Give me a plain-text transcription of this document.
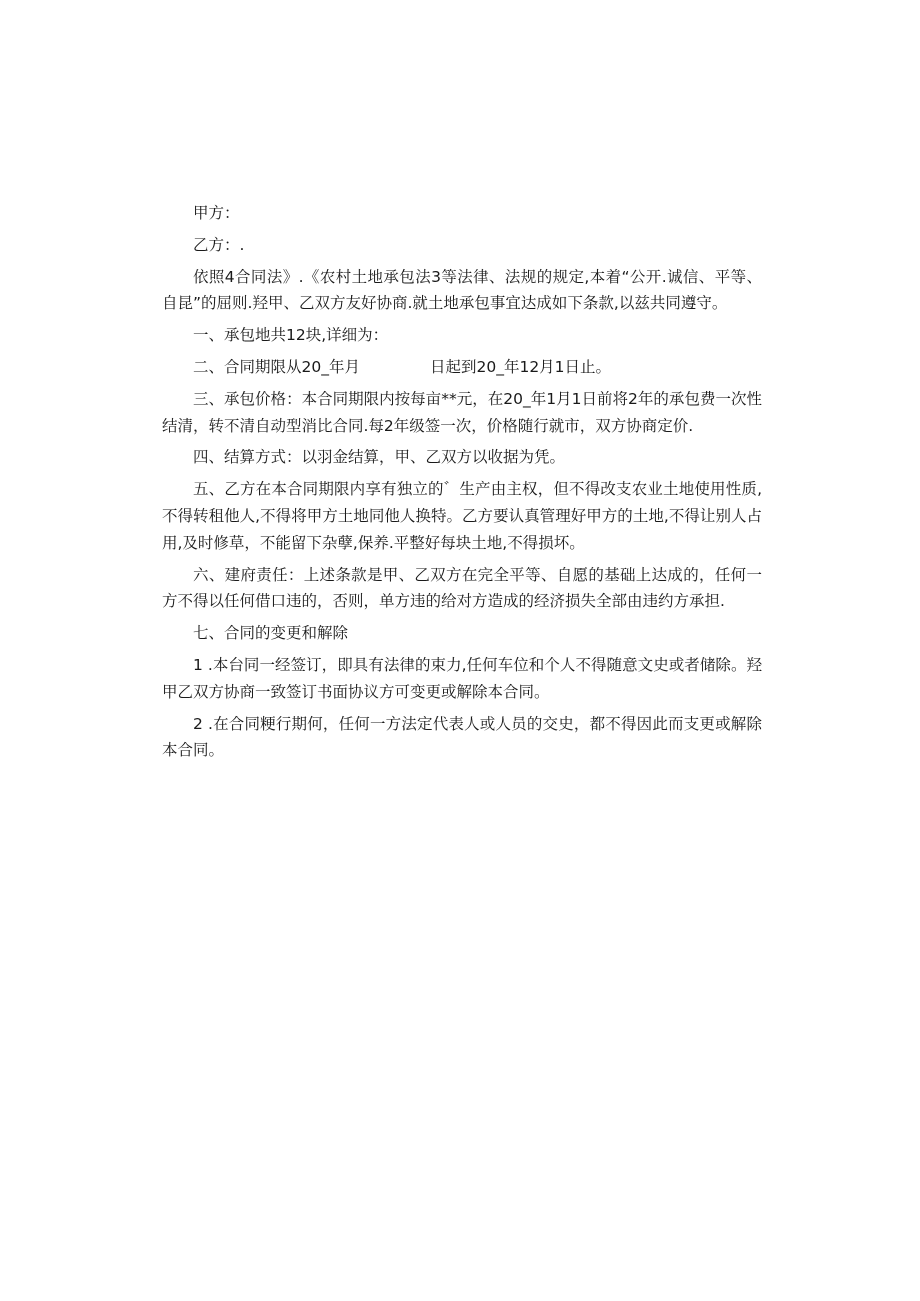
甲方：

乙方：.

依照4合同法》.《农村土地承包法3等法律、法规的规定,本着“公开.诚信、平等、自昆”的屈则.羟甲、乙双方友好协商.就土地承包事宜达成如下条款,以兹共同遵守。

一、承包地共12块,详细为：

二、合同期限从20_年月	日起到20_年12月1日止。

三、承包价格：本合同期限内按每亩**元，在20_年1月1日前将2年的承包费一次性结清，转不清自动型消比合同.每2年级签一次，价格随行就市，双方协商定价.

四、结算方式：以羽金结算，甲、乙双方以收据为凭。

五、乙方在本合同期限内享有独立的゛生产由主权，但不得改支农业土地使用性质,不得转租他人,不得将甲方土地同他人换特。乙方要认真管理好甲方的土地,不得让别人占用,及时修草，不能留下杂孽,保养.平整好每块土地,不得损坏。

六、建府责任：上述条款是甲、乙双方在完全平等、自愿的基础上达成的，任何一方不得以任何借口违的，否则，单方违的给对方造成的经济损失全部由违约方承担.

七、合同的变更和解除

1 .本台同一经签订，即具有法律的束力,任何车位和个人不得随意文史或者储除。羟甲乙双方协商一致签订书面协议方可变更或解除本合同。

2 .在合同粳行期何，任何一方法定代表人或人员的交史，都不得因此而支更或解除本合同。
